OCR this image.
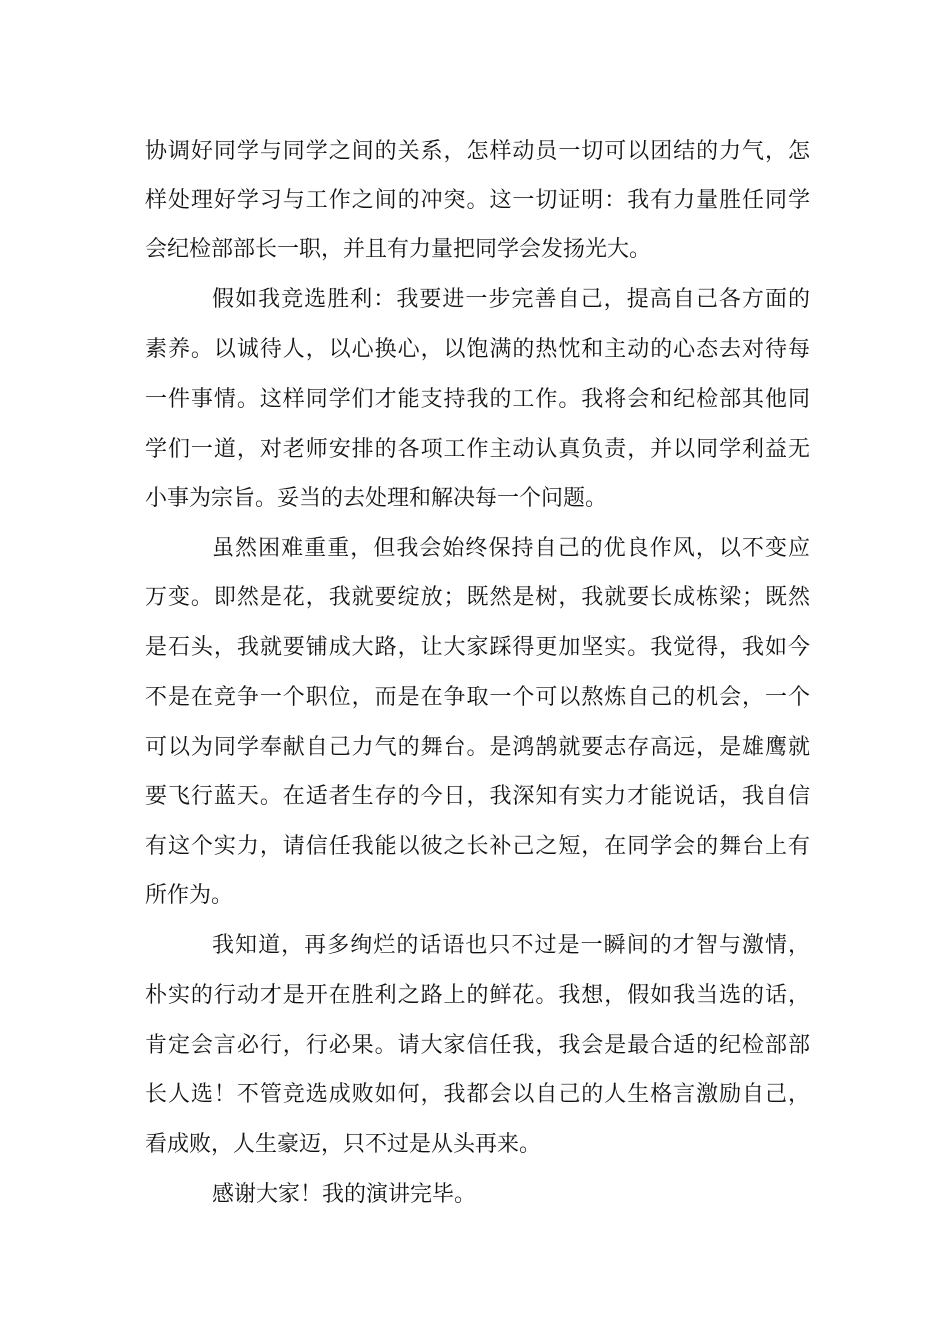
协调好同学与同学之间的关系，怎样动员一切可以团结的力气，怎
样处理好学习与工作之间的冲突。这一切证明：我有力量胜任同学
会纪检部部长一职，并且有力量把同学会发扬光大。
假如我竞选胜利：我要进一步完善自己，提高自己各方面的
素养。以诚待人，以心换心，以饱满的热忱和主动的心态去对待每
一件事情。这样同学们才能支持我的工作。我将会和纪检部其他同
学们一道，对老师安排的各项工作主动认真负责，并以同学利益无
小事为宗旨。妥当的去处理和解决每一个问题。
虽然困难重重，但我会始终保持自己的优良作风，以不变应
万变。即然是花，我就要绽放；既然是树，我就要长成栋梁；既然
是石头，我就要铺成大路，让大家踩得更加坚实。我觉得，我如今
不是在竞争一个职位，而是在争取一个可以熬炼自己的机会，一个
可以为同学奉献自己力气的舞台。是鸿鹄就要志存高远，是雄鹰就
要飞行蓝天。在适者生存的今日，我深知有实力才能说话，我自信
有这个实力，请信任我能以彼之长补己之短，在同学会的舞台上有
所作为。
我知道，再多绚烂的话语也只不过是一瞬间的才智与激情，
朴实的行动才是开在胜利之路上的鲜花。我想，假如我当选的话，
肯定会言必行，行必果。请大家信任我，我会是最合适的纪检部部
长人选！不管竞选成败如何，我都会以自己的人生格言激励自己，
看成败，人生豪迈，只不过是从头再来。
感谢大家！我的演讲完毕。
